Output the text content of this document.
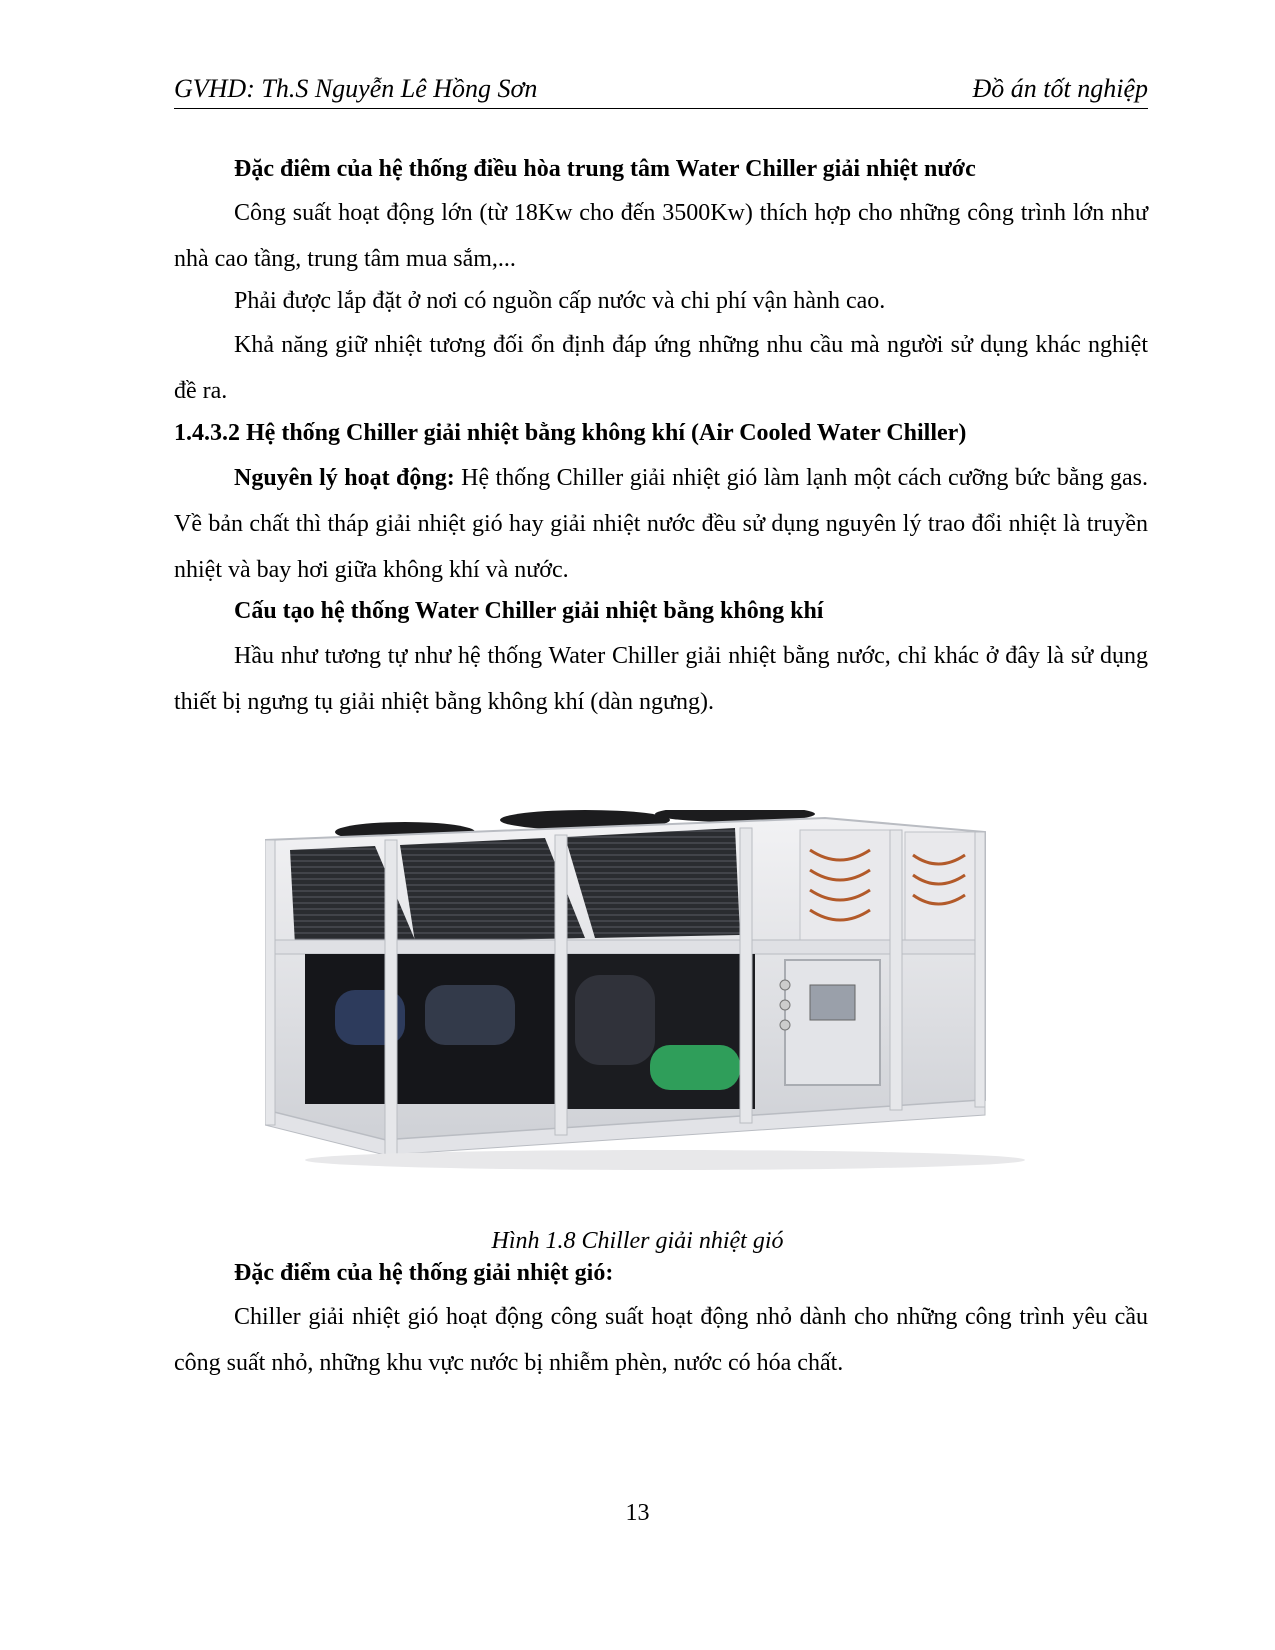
GVHD: Th.S Nguyễn Lê Hồng Sơn	Đồ án tốt nghiệp
Đặc điêm của hệ thống điều hòa trung tâm Water Chiller giải nhiệt nước
Công suất hoạt động lớn (từ 18Kw cho đến 3500Kw) thích hợp cho những công trình lớn như nhà cao tầng, trung tâm mua sắm,...
Phải được lắp đặt ở nơi có nguồn cấp nước và chi phí vận hành cao.
Khả năng giữ nhiệt tương đối ổn định đáp ứng những nhu cầu mà người sử dụng khác nghiệt đề ra.
1.4.3.2 Hệ thống Chiller giải nhiệt bằng không khí (Air Cooled Water Chiller)
Nguyên lý hoạt động: Hệ thống Chiller giải nhiệt gió làm lạnh một cách cưỡng bức bằng gas. Về bản chất thì tháp giải nhiệt gió hay giải nhiệt nước đều sử dụng nguyên lý trao đổi nhiệt là truyền nhiệt và bay hơi giữa không khí và nước.
Cấu tạo hệ thống Water Chiller giải nhiệt bằng không khí
Hầu như tương tự như hệ thống Water Chiller giải nhiệt bằng nước, chỉ khác ở đây là sử dụng thiết bị ngưng tụ giải nhiệt bằng không khí (dàn ngưng).
Hình 1.8 Chiller giải nhiệt gió
Đặc điểm của hệ thống giải nhiệt gió:
Chiller giải nhiệt gió hoạt động công suất hoạt động nhỏ dành cho những công trình yêu cầu công suất nhỏ, những khu vực nước bị nhiễm phèn, nước có hóa chất.
13
